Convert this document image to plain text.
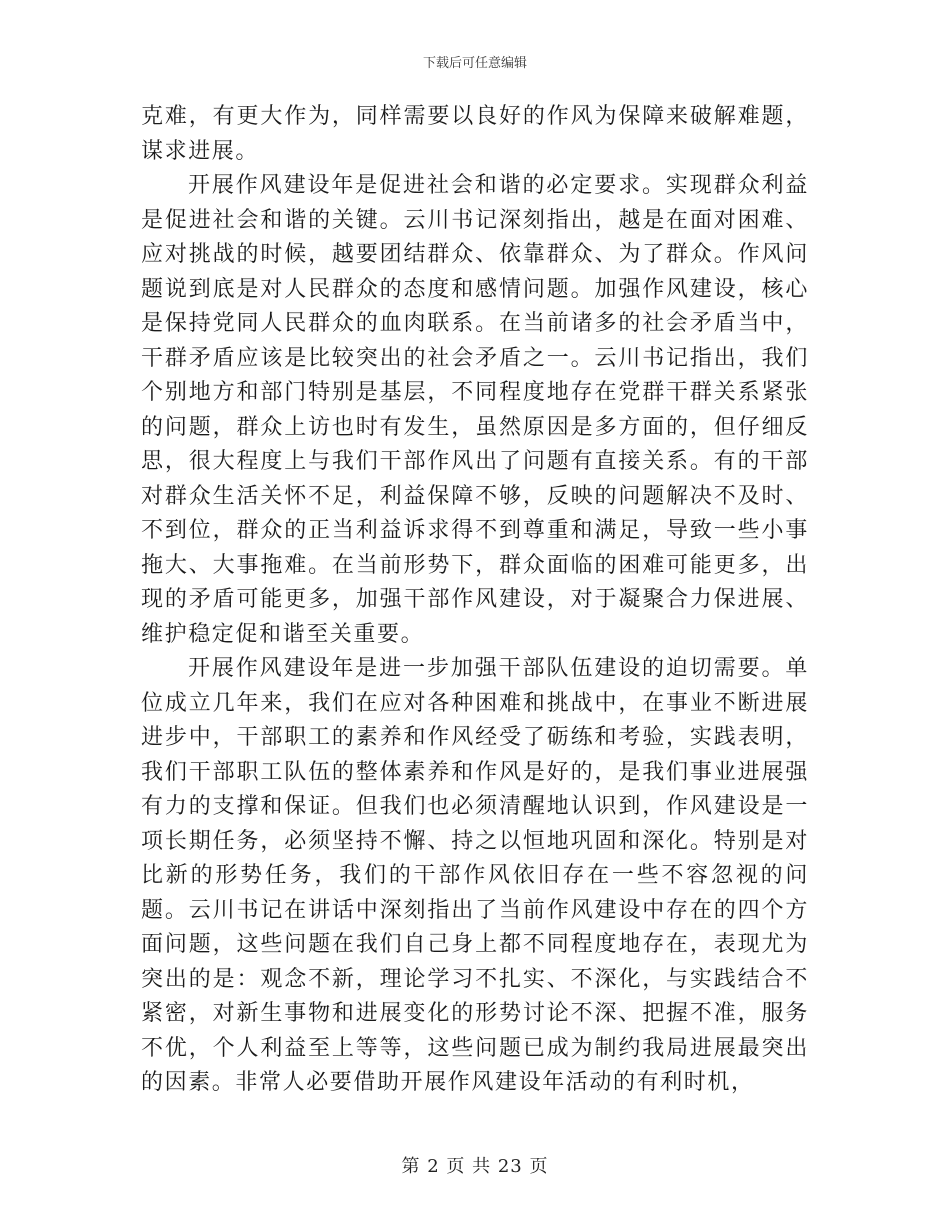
下载后可任意编辑

克难，有更大作为，同样需要以良好的作风为保障来破解难题，谋求进展。

开展作风建设年是促进社会和谐的必定要求。实现群众利益是促进社会和谐的关键。云川书记深刻指出，越是在面对困难、应对挑战的时候，越要团结群众、依靠群众、为了群众。作风问题说到底是对人民群众的态度和感情问题。加强作风建设，核心是保持党同人民群众的血肉联系。在当前诸多的社会矛盾当中，干群矛盾应该是比较突出的社会矛盾之一。云川书记指出，我们个别地方和部门特别是基层，不同程度地存在党群干群关系紧张的问题，群众上访也时有发生，虽然原因是多方面的，但仔细反思，很大程度上与我们干部作风出了问题有直接关系。有的干部对群众生活关怀不足，利益保障不够，反映的问题解决不及时、不到位，群众的正当利益诉求得不到尊重和满足，导致一些小事拖大、大事拖难。在当前形势下，群众面临的困难可能更多，出现的矛盾可能更多，加强干部作风建设，对于凝聚合力保进展、维护稳定促和谐至关重要。

开展作风建设年是进一步加强干部队伍建设的迫切需要。单位成立几年来，我们在应对各种困难和挑战中，在事业不断进展进步中，干部职工的素养和作风经受了砺练和考验，实践表明，我们干部职工队伍的整体素养和作风是好的，是我们事业进展强有力的支撑和保证。但我们也必须清醒地认识到，作风建设是一项长期任务，必须坚持不懈、持之以恒地巩固和深化。特别是对比新的形势任务，我们的干部作风依旧存在一些不容忽视的问题。云川书记在讲话中深刻指出了当前作风建设中存在的四个方面问题，这些问题在我们自己身上都不同程度地存在，表现尤为突出的是：观念不新，理论学习不扎实、不深化，与实践结合不紧密，对新生事物和进展变化的形势讨论不深、把握不准，服务不优，个人利益至上等等，这些问题已成为制约我局进展最突出的因素。非常人必要借助开展作风建设年活动的有利时机，

第 2 页 共 23 页
